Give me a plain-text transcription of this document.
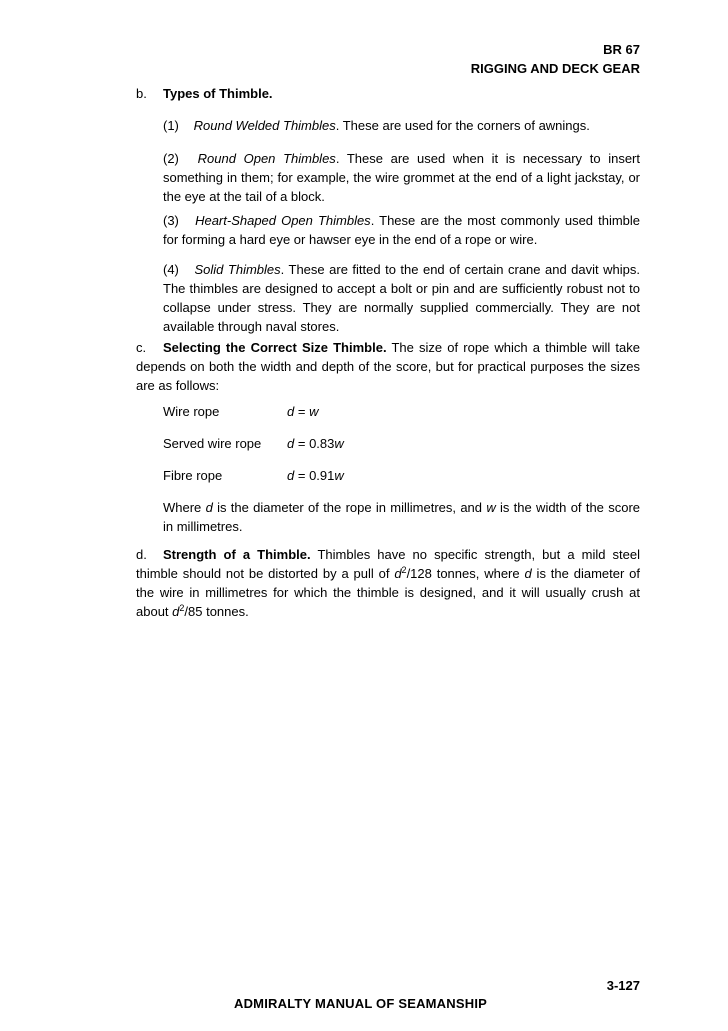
BR 67
RIGGING AND DECK GEAR
b. Types of Thimble.
(1) Round Welded Thimbles. These are used for the corners of awnings.
(2) Round Open Thimbles. These are used when it is necessary to insert something in them; for example, the wire grommet at the end of a light jackstay, or the eye at the tail of a block.
(3) Heart-Shaped Open Thimbles. These are the most commonly used thimble for forming a hard eye or hawser eye in the end of a rope or wire.
(4) Solid Thimbles. These are fitted to the end of certain crane and davit whips. The thimbles are designed to accept a bolt or pin and are sufficiently robust not to collapse under stress. They are normally supplied commercially. They are not available through naval stores.
c. Selecting the Correct Size Thimble. The size of rope which a thimble will take depends on both the width and depth of the score, but for practical purposes the sizes are as follows:
Wire rope	d = w
Served wire rope d = 0.83w
Fibre rope	d = 0.91w
Where d is the diameter of the rope in millimetres, and w is the width of the score in millimetres.
d. Strength of a Thimble. Thimbles have no specific strength, but a mild steel thimble should not be distorted by a pull of $d^2/128$ tonnes, where d is the diameter of the wire in millimetres for which the thimble is designed, and it will usually crush at about $d^2/85$ tonnes.
3-127
ADMIRALTY MANUAL OF SEAMANSHIP
